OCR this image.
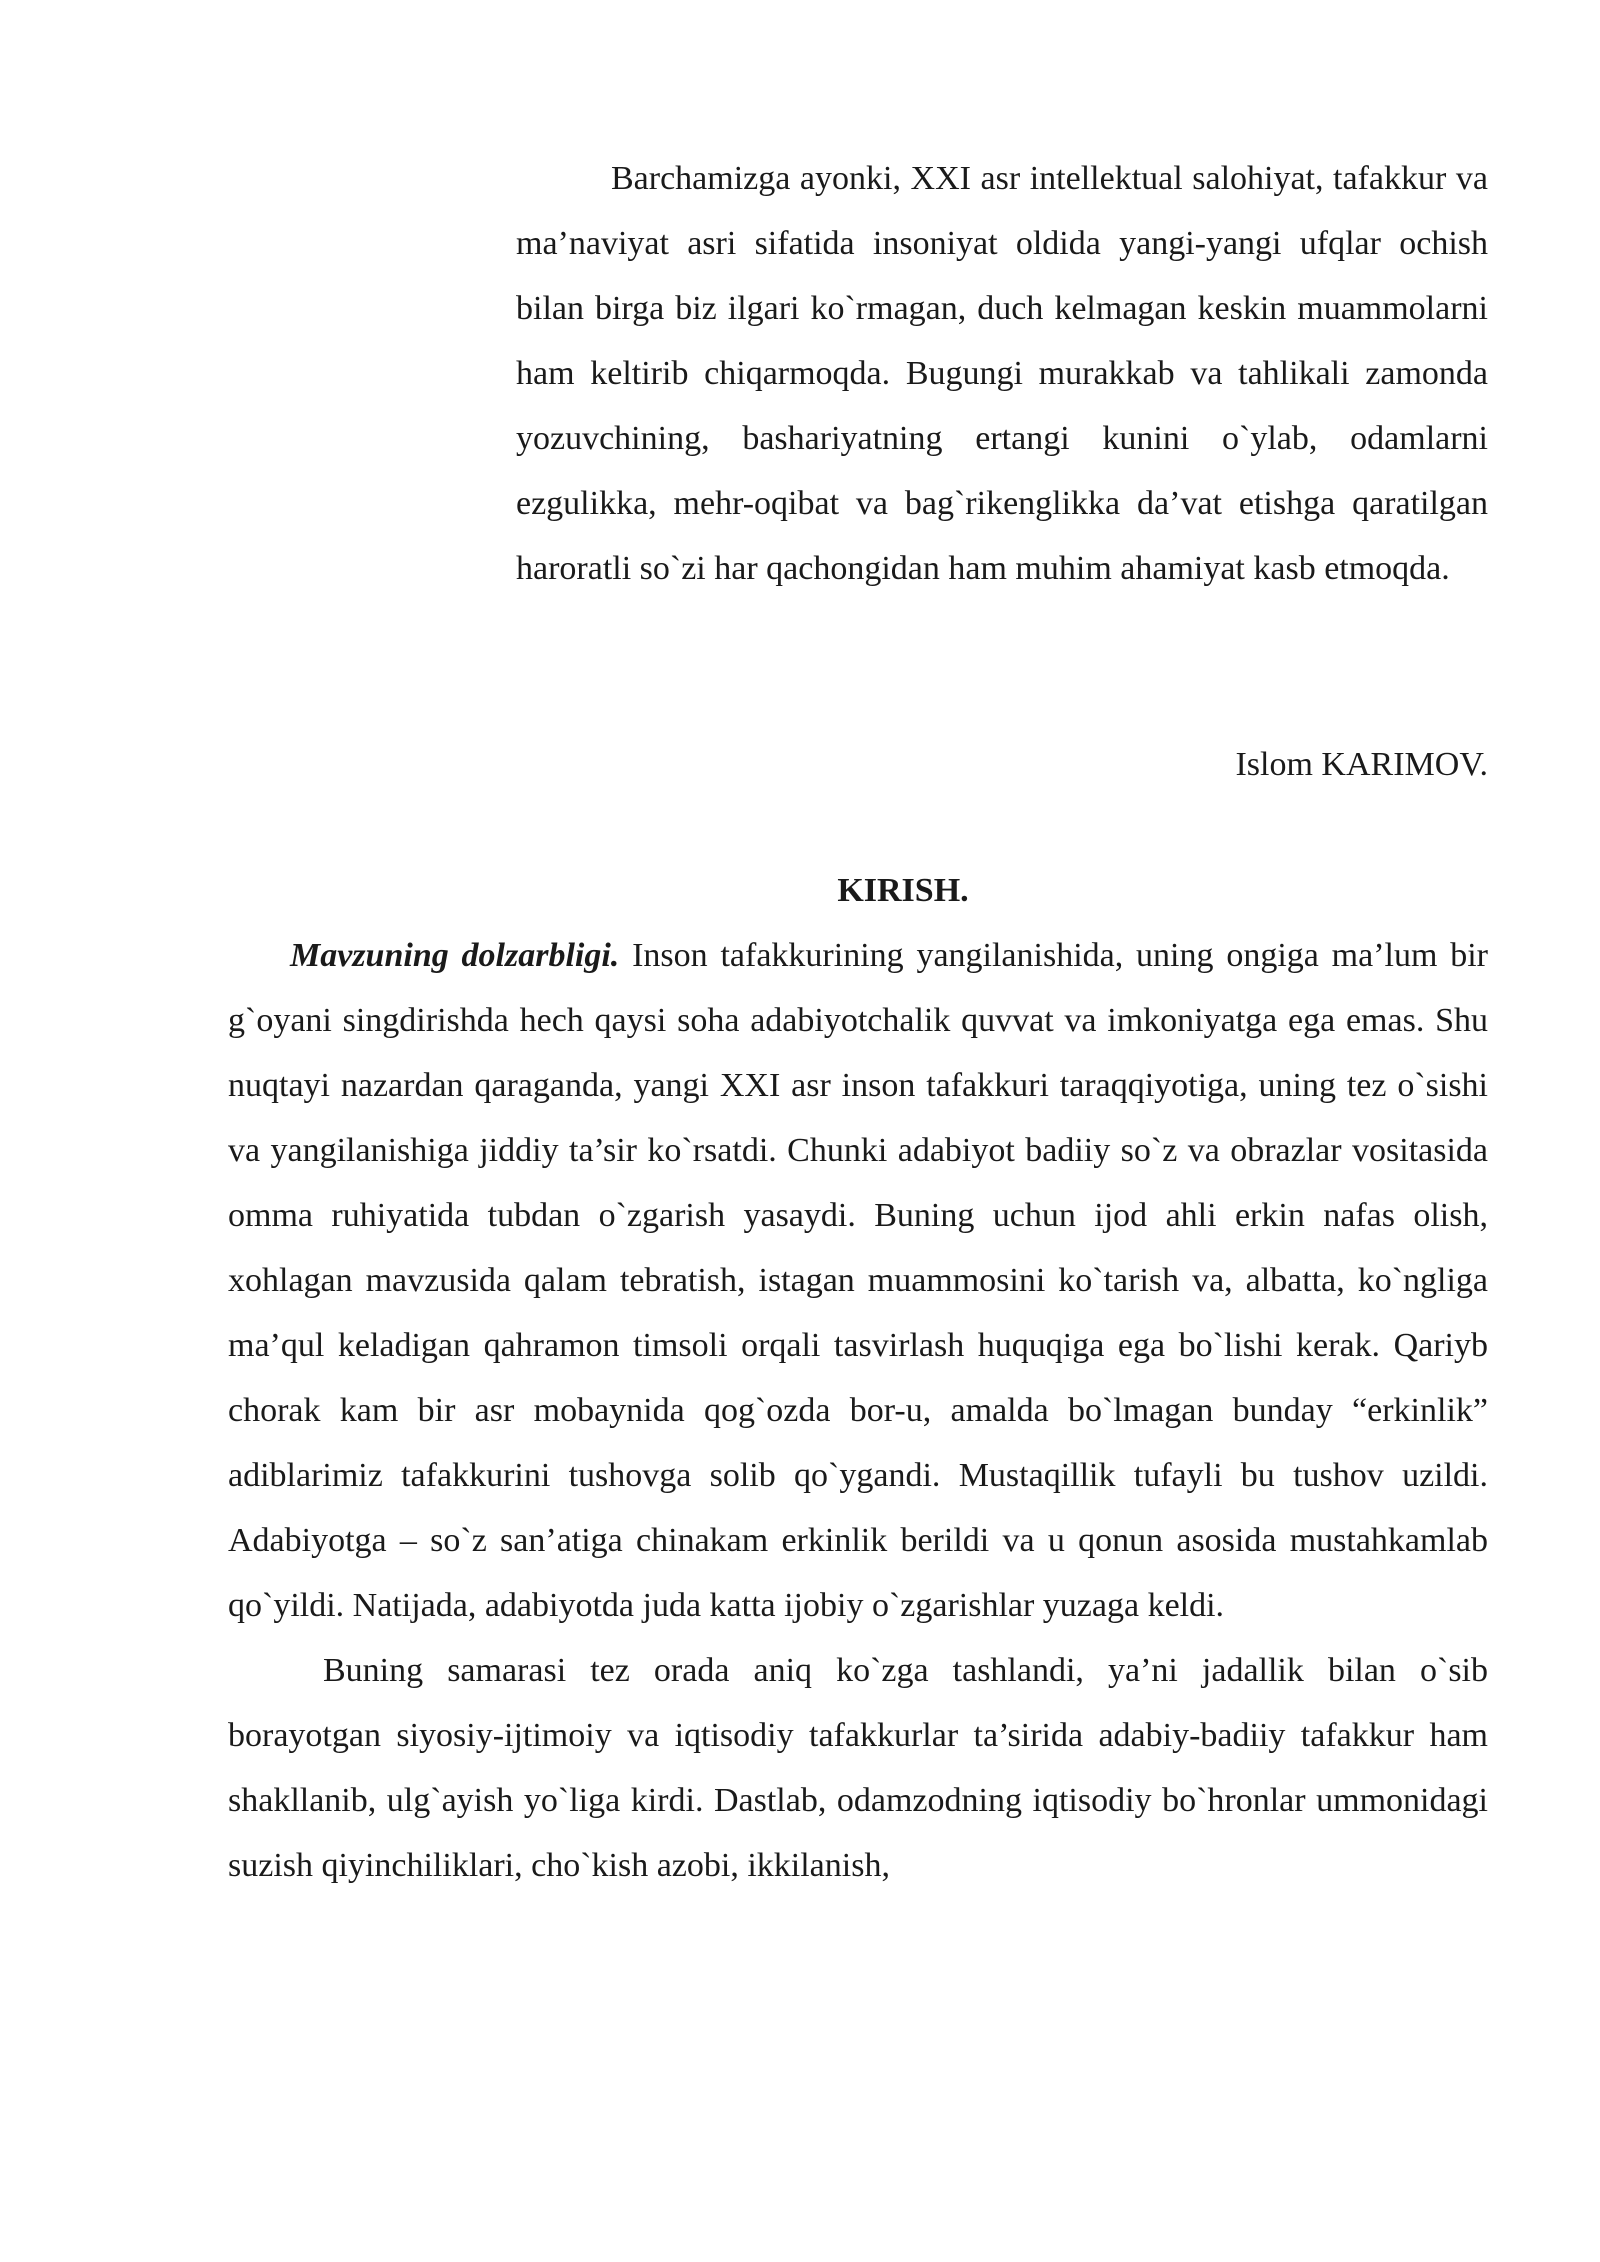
Barchamizga ayonki, XXI asr intellektual salohiyat, tafakkur va ma’naviyat asri sifatida insoniyat oldida yangi-yangi ufqlar ochish bilan birga biz ilgari ko`rmagan, duch kelmagan keskin muammolarni ham keltirib chiqarmoqda. Bugungi murakkab va tahlikali zamonda yozuvchining, bashariyatning ertangi kunini o`ylab, odamlarni ezgulikka, mehr-oqibat va bag`rikenglikka da’vat etishga qaratilgan haroratli so`zi har qachongidan ham muhim ahamiyat kasb etmoqda.

Islom KARIMOV.

KIRISH.

Mavzuning dolzarbligi. Inson tafakkurining yangilanishida, uning ongiga ma’lum bir g`oyani singdirishda hech qaysi soha adabiyotchalik quvvat va imkoniyatga ega emas. Shu nuqtayi nazardan qaraganda, yangi XXI asr inson tafakkuri taraqqiyotiga, uning tez o`sishi va yangilanishiga jiddiy ta’sir ko`rsatdi. Chunki adabiyot badiiy so`z va obrazlar vositasida omma ruhiyatida tubdan o`zgarish yasaydi. Buning uchun ijod ahli erkin nafas olish, xohlagan mavzusida qalam tebratish, istagan muammosini ko`tarish va, albatta, ko`ngliga ma’qul keladigan qahramon timsoli orqali tasvirlash huquqiga ega bo`lishi kerak. Qariyb chorak kam bir asr mobaynida qog`ozda bor-u, amalda bo`lmagan bunday “erkinlik” adiblarimiz tafakkurini tushovga solib qo`ygandi. Mustaqillik tufayli bu tushov uzildi. Adabiyotga – so`z san’atiga chinakam erkinlik berildi va u qonun asosida mustahkamlab qo`yildi. Natijada, adabiyotda juda katta ijobiy o`zgarishlar yuzaga keldi.

Buning samarasi tez orada aniq ko`zga tashlandi, ya’ni jadallik bilan o`sib borayotgan siyosiy-ijtimoiy va iqtisodiy tafakkurlar ta’sirida adabiy-badiiy tafakkur ham shakllanib, ulg`ayish yo`liga kirdi. Dastlab, odamzodning iqtisodiy bo`hronlar ummonidagi suzish qiyinchiliklari, cho`kish azobi, ikkilanish,
